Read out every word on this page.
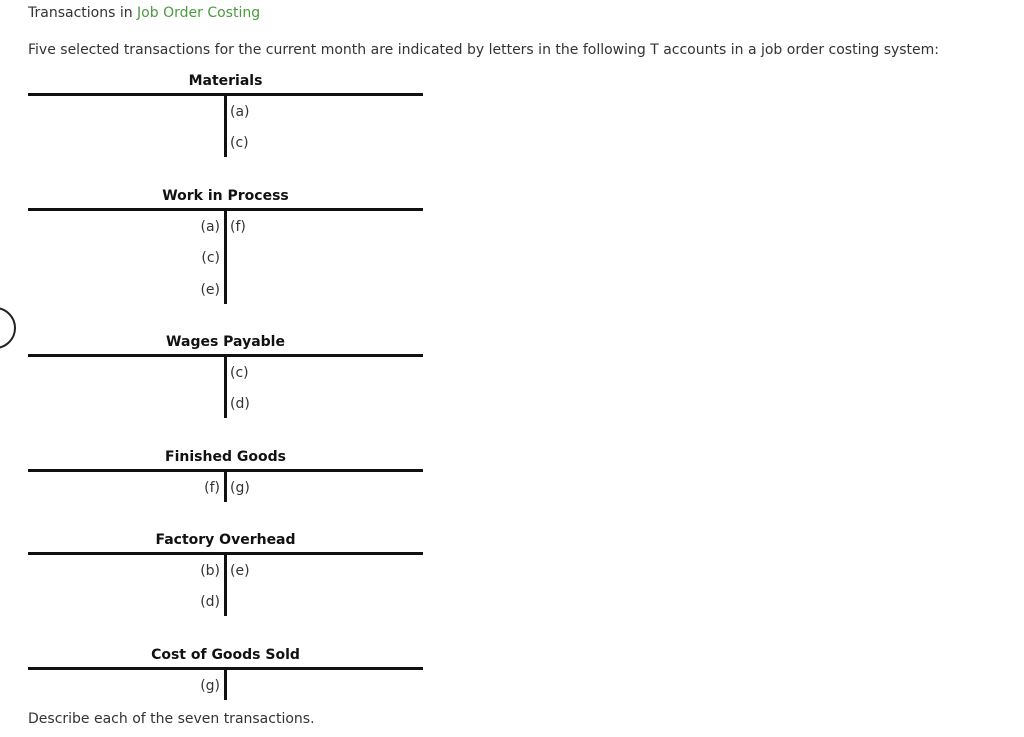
Transactions in Job Order Costing
Five selected transactions for the current month are indicated by letters in the following T accounts in a job order costing system:
Materials
(a)
(c)
Work in Process
(a)
(c)
(e)
(f)
Wages Payable
(c)
(d)
Finished Goods
(f) (g)
Factory Overhead
(b)
(d)
(e)
Cost of Goods Sold
(g)
Describe each of the seven transactions.
